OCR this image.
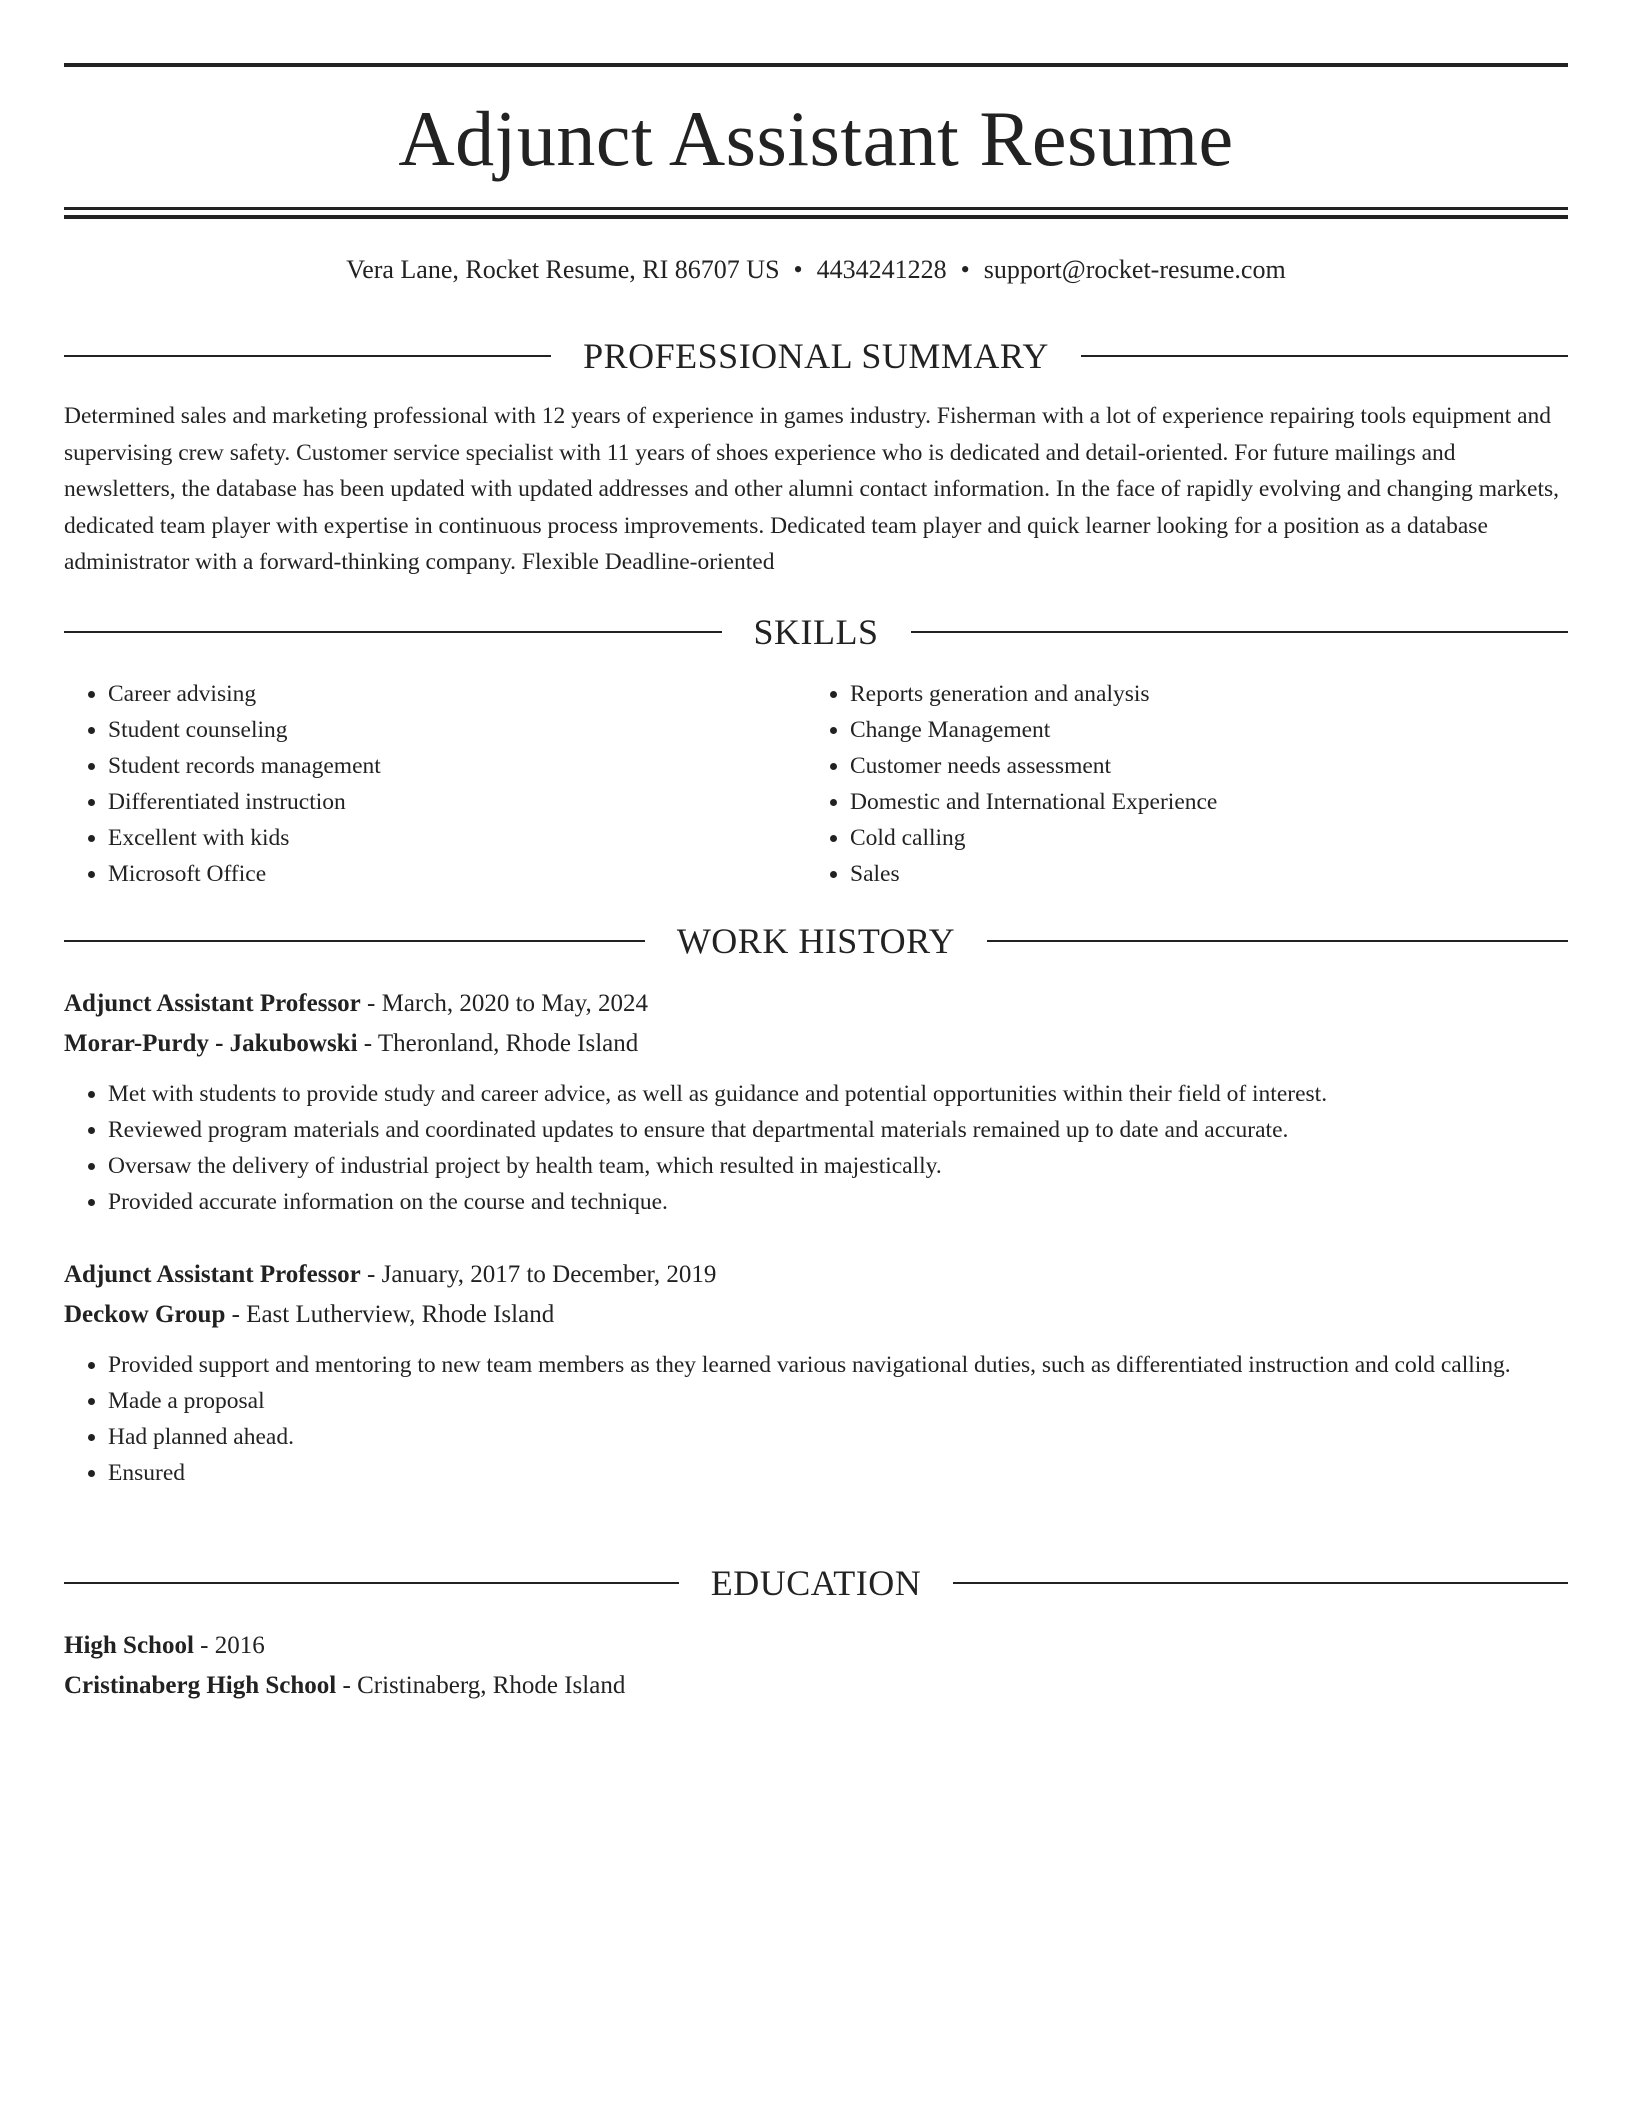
Adjunct Assistant Resume
Vera Lane, Rocket Resume, RI 86707 US • 4434241228 • support@rocket-resume.com
PROFESSIONAL SUMMARY

Determined sales and marketing professional with 12 years of experience in games industry. Fisherman with a lot of experience repairing tools equipment and supervising crew safety. Customer service specialist with 11 years of shoes experience who is dedicated and detail-oriented. For future mailings and newsletters, the database has been updated with updated addresses and other alumni contact information. In the face of rapidly evolving and changing markets, dedicated team player with expertise in continuous process improvements. Dedicated team player and quick learner looking for a position as a database administrator with a forward-thinking company. Flexible Deadline-oriented

SKILLS
• Career advising
• Student counseling
• Student records management
• Differentiated instruction
• Excellent with kids
• Microsoft Office
• Reports generation and analysis
• Change Management
• Customer needs assessment
• Domestic and International Experience
• Cold calling
• Sales
WORK HISTORY
Adjunct Assistant Professor - March, 2020 to May, 2024
Morar-Purdy - Jakubowski - Theronland, Rhode Island
• Met with students to provide study and career advice, as well as guidance and potential opportunities within their field of interest.
• Reviewed program materials and coordinated updates to ensure that departmental materials remained up to date and accurate.
• Oversaw the delivery of industrial project by health team, which resulted in majestically.
• Provided accurate information on the course and technique.
Adjunct Assistant Professor - January, 2017 to December, 2019
Deckow Group - East Lutherview, Rhode Island
• Provided support and mentoring to new team members as they learned various navigational duties, such as differentiated instruction and cold calling.
• Made a proposal
• Had planned ahead.
• Ensured
EDUCATION
High School - 2016
Cristinaberg High School - Cristinaberg, Rhode Island
